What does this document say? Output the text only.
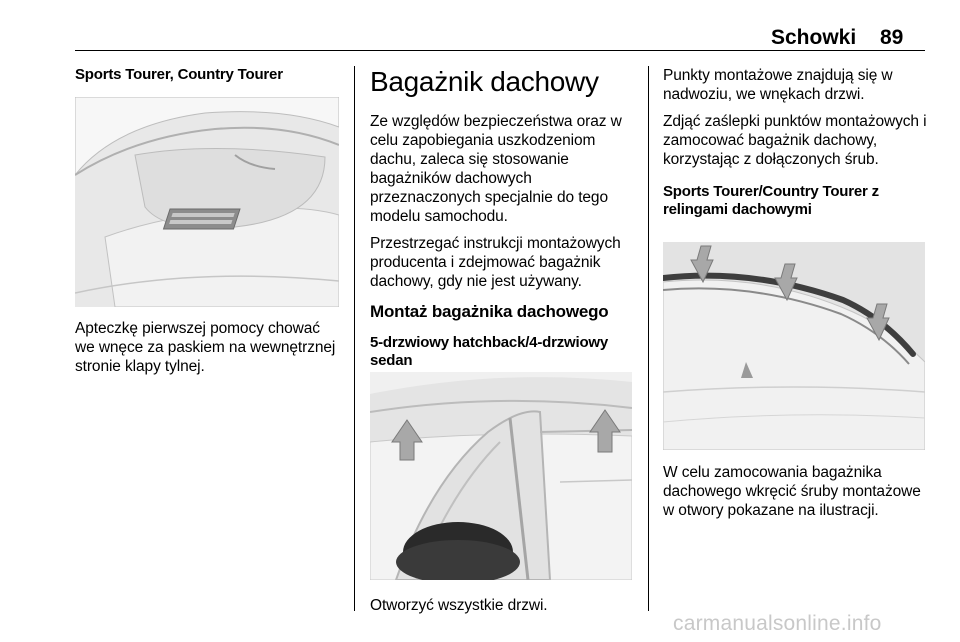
Schowki 89
Sports Tourer, Country Tourer

Apteczkę pierwszej pomocy chować we wnęce za paskiem na wewnętrznej stronie klapy tylnej.

Bagażnik dachowy

Ze względów bezpieczeństwa oraz w celu zapobiegania uszkodzeniom dachu, zaleca się stosowanie bagażników dachowych przeznaczonych specjalnie do tego modelu samochodu.

Przestrzegać instrukcji montażowych producenta i zdejmować bagażnik dachowy, gdy nie jest używany.

Montaż bagażnika dachowego
5-drzwiowy hatchback/4-drzwiowy sedan

Otworzyć wszystkie drzwi.

Punkty montażowe znajdują się w nadwoziu, we wnękach drzwi.

Zdjąć zaślepki punktów montażowych i zamocować bagażnik dachowy, korzystając z dołączonych śrub.

Sports Tourer/Country Tourer z relingami dachowymi

W celu zamocowania bagażnika dachowego wkręcić śruby montażowe w otwory pokazane na ilustracji.

carmanualsonline.info
